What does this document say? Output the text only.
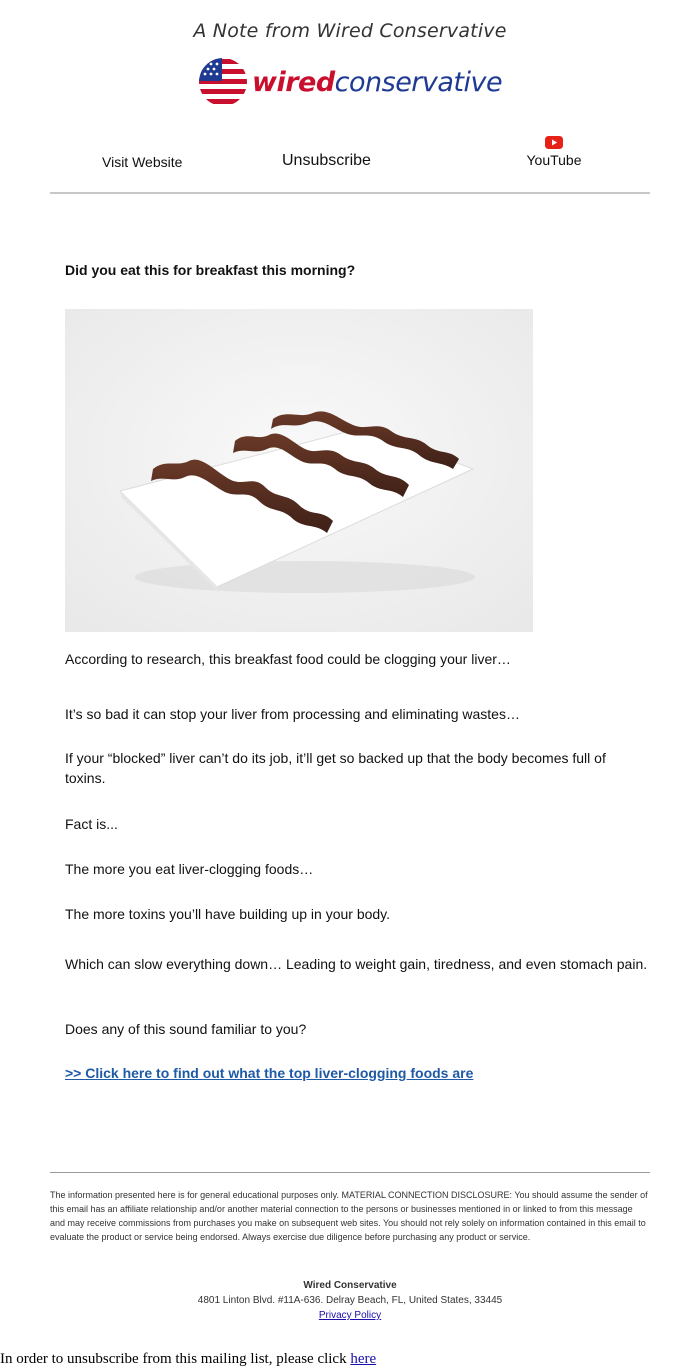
A Note from Wired Conservative
wiredconservative
Visit Website	Unsubscribe	YouTube
Did you eat this for breakfast this morning?
According to research, this breakfast food could be clogging your liver…
It’s so bad it can stop your liver from processing and eliminating wastes…
If your “blocked” liver can’t do its job, it’ll get so backed up that the body becomes full of toxins.
Fact is...
The more you eat liver-clogging foods…
The more toxins you’ll have building up in your body.
Which can slow everything down… Leading to weight gain, tiredness, and even stomach pain.
Does any of this sound familiar to you?
>> Click here to find out what the top liver-clogging foods are
The information presented here is for general educational purposes only. MATERIAL CONNECTION DISCLOSURE: You should assume the sender of this email has an affiliate relationship and/or another material connection to the persons or businesses mentioned in or linked to from this message and may receive commissions from purchases you make on subsequent web sites. You should not rely solely on information contained in this email to evaluate the product or service being endorsed. Always exercise due diligence before purchasing any product or service.
Wired Conservative
4801 Linton Blvd. #11A-636. Delray Beach, FL, United States, 33445
Privacy Policy
In order to unsubscribe from this mailing list, please click here
